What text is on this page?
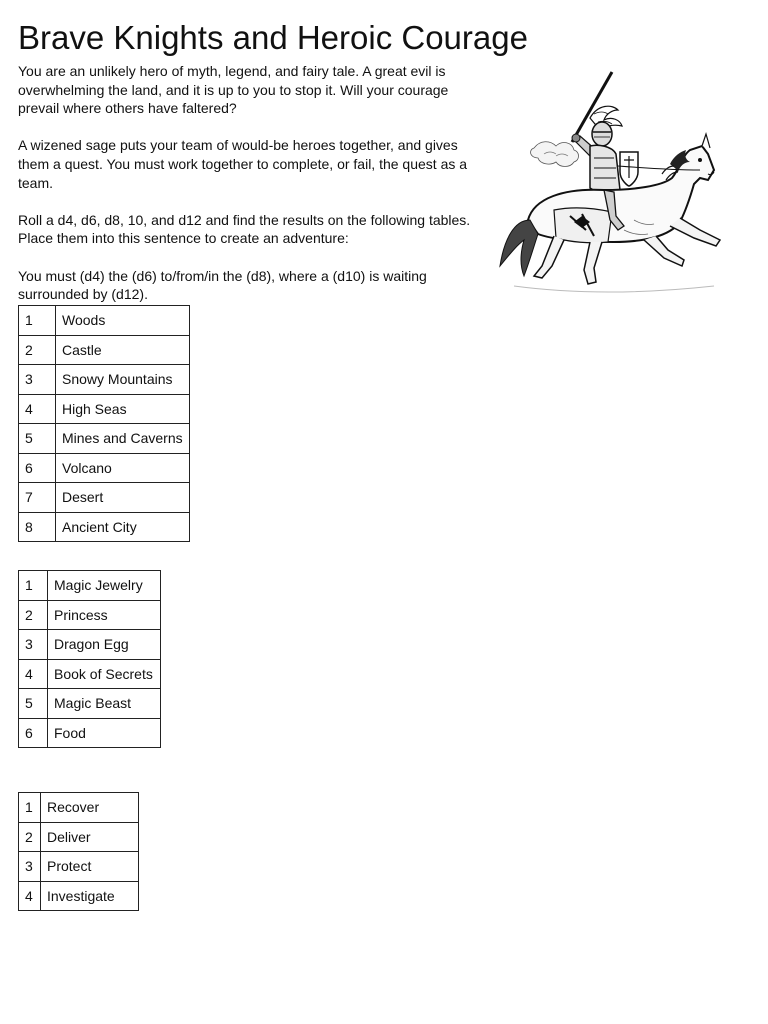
Brave Knights and Heroic Courage

You are an unlikely hero of myth, legend, and fairy tale. A great evil is overwhelming the land, and it is up to you to stop it. Will your courage prevail where others have faltered?

A wizened sage puts your team of would-be heroes together, and gives them a quest. You must work together to complete, or fail, the quest as a team.

Roll a d4, d6, d8, 10, and d12 and find the results on the following tables. Place them into this sentence to create an adventure:

You must (d4) the (d6) to/from/in the (d8), where a (d10) is waiting surrounded by (d12).

1	Woods
2	Castle
3	Snowy Mountains
4	High Seas
5	Mines and Caverns
6	Volcano
7	Desert
8	Ancient City
1	Magic Jewelry
2	Princess
3	Dragon Egg
4	Book of Secrets
5	Magic Beast
6	Food
1	Recover
2	Deliver
3	Protect
4	Investigate
